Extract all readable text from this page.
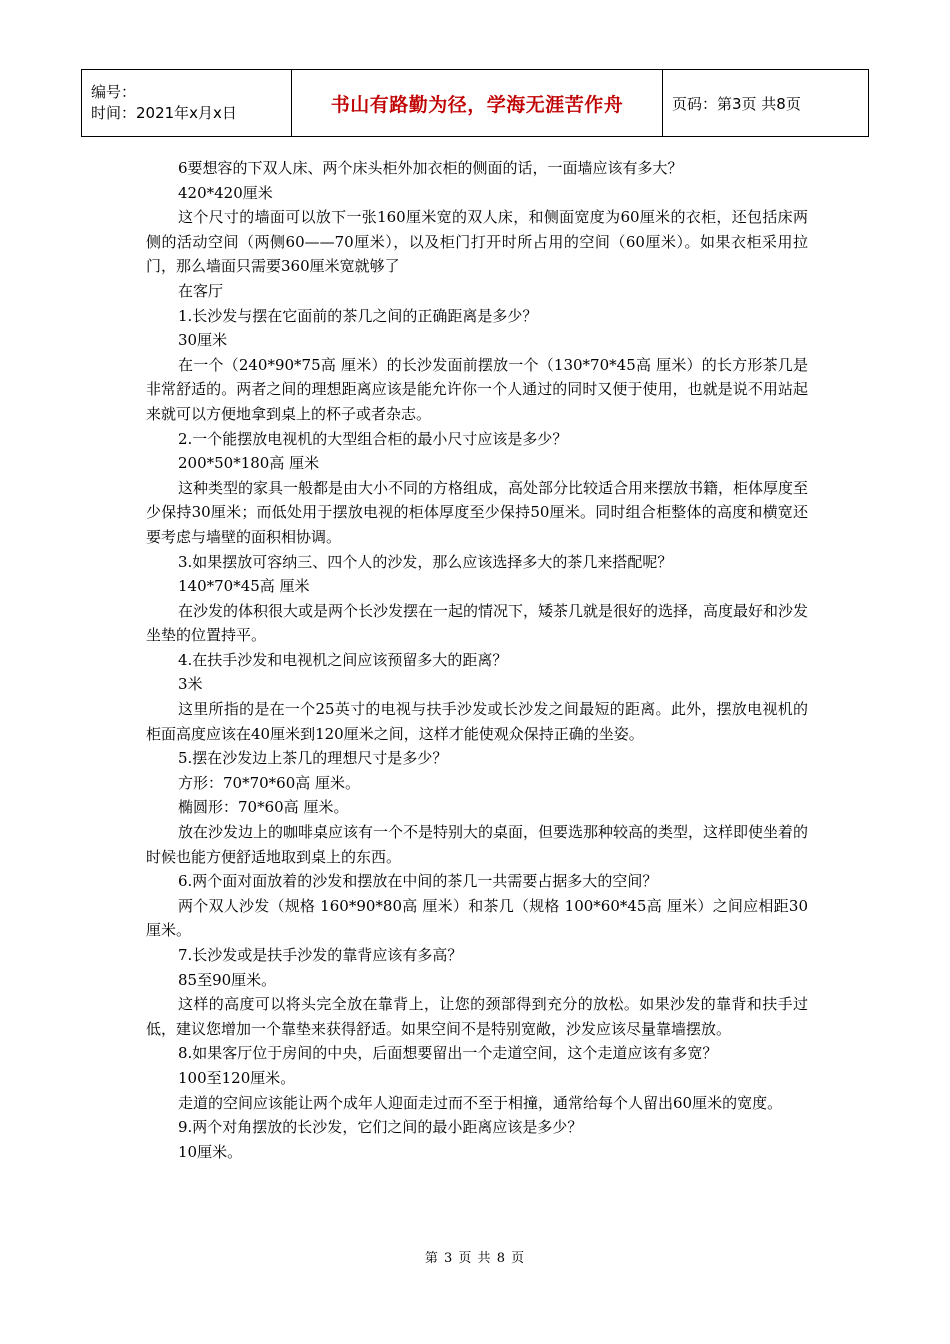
编号：
时间：2021年x月x日	书山有路勤为径，学海无涯苦作舟	页码：第3页 共8页

6要想容的下双人床、两个床头柜外加衣柜的侧面的话，一面墙应该有多大？

420*420厘米

这个尺寸的墙面可以放下一张160厘米宽的双人床，和侧面宽度为60厘米的衣柜，还包括床两侧的活动空间（两侧60——70厘米），以及柜门打开时所占用的空间（60厘米）。如果衣柜采用拉门，那么墙面只需要360厘米宽就够了

在客厅

1.长沙发与摆在它面前的茶几之间的正确距离是多少？

30厘米

在一个（240*90*75高 厘米）的长沙发面前摆放一个（130*70*45高 厘米）的长方形茶几是非常舒适的。两者之间的理想距离应该是能允许你一个人通过的同时又便于使用，也就是说不用站起来就可以方便地拿到桌上的杯子或者杂志。

2.一个能摆放电视机的大型组合柜的最小尺寸应该是多少？

200*50*180高 厘米

这种类型的家具一般都是由大小不同的方格组成，高处部分比较适合用来摆放书籍，柜体厚度至少保持30厘米；而低处用于摆放电视的柜体厚度至少保持50厘米。同时组合柜整体的高度和横宽还要考虑与墙壁的面积相协调。

3.如果摆放可容纳三、四个人的沙发，那么应该选择多大的茶几来搭配呢？

140*70*45高 厘米

在沙发的体积很大或是两个长沙发摆在一起的情况下，矮茶几就是很好的选择，高度最好和沙发坐垫的位置持平。

4.在扶手沙发和电视机之间应该预留多大的距离？

3米

这里所指的是在一个25英寸的电视与扶手沙发或长沙发之间最短的距离。此外，摆放电视机的柜面高度应该在40厘米到120厘米之间，这样才能使观众保持正确的坐姿。

5.摆在沙发边上茶几的理想尺寸是多少？

方形：70*70*60高 厘米。

椭圆形：70*60高 厘米。

放在沙发边上的咖啡桌应该有一个不是特别大的桌面，但要选那种较高的类型，这样即使坐着的时候也能方便舒适地取到桌上的东西。

6.两个面对面放着的沙发和摆放在中间的茶几一共需要占据多大的空间？

两个双人沙发（规格 160*90*80高 厘米）和茶几（规格 100*60*45高 厘米）之间应相距30厘米。

7.长沙发或是扶手沙发的靠背应该有多高？

85至90厘米。

这样的高度可以将头完全放在靠背上，让您的颈部得到充分的放松。如果沙发的靠背和扶手过低，建议您增加一个靠垫来获得舒适。如果空间不是特别宽敞，沙发应该尽量靠墙摆放。

8.如果客厅位于房间的中央，后面想要留出一个走道空间，这个走道应该有多宽？

100至120厘米。

走道的空间应该能让两个成年人迎面走过而不至于相撞，通常给每个人留出60厘米的宽度。

9.两个对角摆放的长沙发，它们之间的最小距离应该是多少？

10厘米。

第 3 页 共 8 页
